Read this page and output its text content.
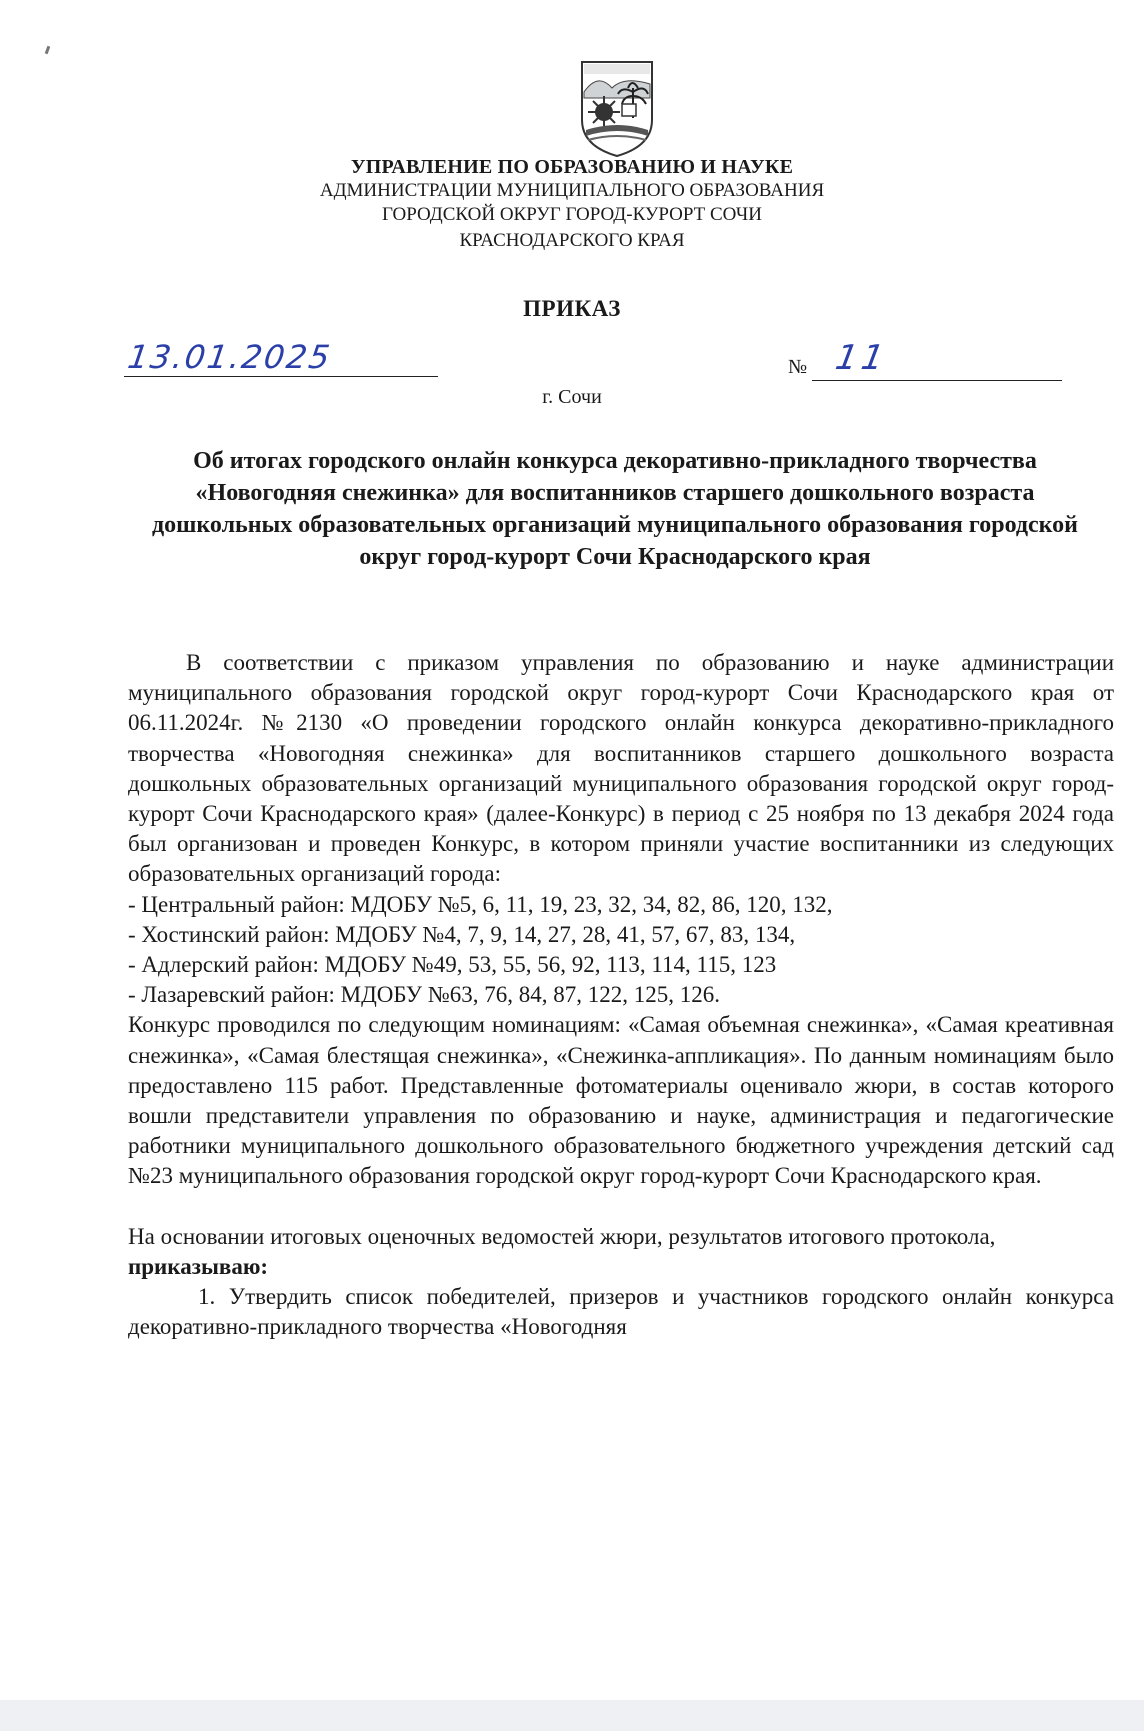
УПРАВЛЕНИЕ ПО ОБРАЗОВАНИЮ И НАУКЕ
АДМИНИСТРАЦИИ МУНИЦИПАЛЬНОГО ОБРАЗОВАНИЯ
ГОРОДСКОЙ ОКРУГ ГОРОД-КУРОРТ СОЧИ
КРАСНОДАРСКОГО КРАЯ
ПРИКАЗ
13.01.2025	№ 11
г. Сочи
Об итогах городского онлайн конкурса декоративно-прикладного творчества «Новогодняя снежинка» для воспитанников старшего дошкольного возраста дошкольных образовательных организаций муниципального образования городской округ город-курорт Сочи Краснодарского края

В соответствии с приказом управления по образованию и науке администрации муниципального образования городской округ город-курорт Сочи Краснодарского края от 06.11.2024г. №2130 «О проведении городского онлайн конкурса декоративно-прикладного творчества «Новогодняя снежинка» для воспитанников старшего дошкольного возраста дошкольных образовательных организаций муниципального образования городской округ город-курорт Сочи Краснодарского края» (далее-Конкурс) в период с 25 ноября по 13 декабря 2024 года был организован и проведен Конкурс, в котором приняли участие воспитанники из следующих образовательных организаций города:

- Центральный район: МДОБУ №5, 6, 11, 19, 23, 32, 34, 82, 86, 120, 132,

- Хостинский район: МДОБУ №4, 7, 9, 14, 27, 28, 41, 57, 67, 83, 134,

- Адлерский район: МДОБУ №49, 53, 55, 56, 92, 113, 114, 115, 123

- Лазаревский район: МДОБУ №63, 76, 84, 87, 122, 125, 126.

Конкурс проводился по следующим номинациям: «Самая объемная снежинка», «Самая креативная снежинка», «Самая блестящая снежинка», «Снежинка-аппликация». По данным номинациям было предоставлено 115 работ. Представленные фотоматериалы оценивало жюри, в состав которого вошли представители управления по образованию и науке, администрация и педагогические работники муниципального дошкольного образовательного бюджетного учреждения детский сад №23 муниципального образования городской округ город-курорт Сочи Краснодарского края.

На основании итоговых оценочных ведомостей жюри, результатов итогового протокола,

приказываю:

1. Утвердить список победителей, призеров и участников городского онлайн конкурса декоративно-прикладного творчества «Новогодняя
